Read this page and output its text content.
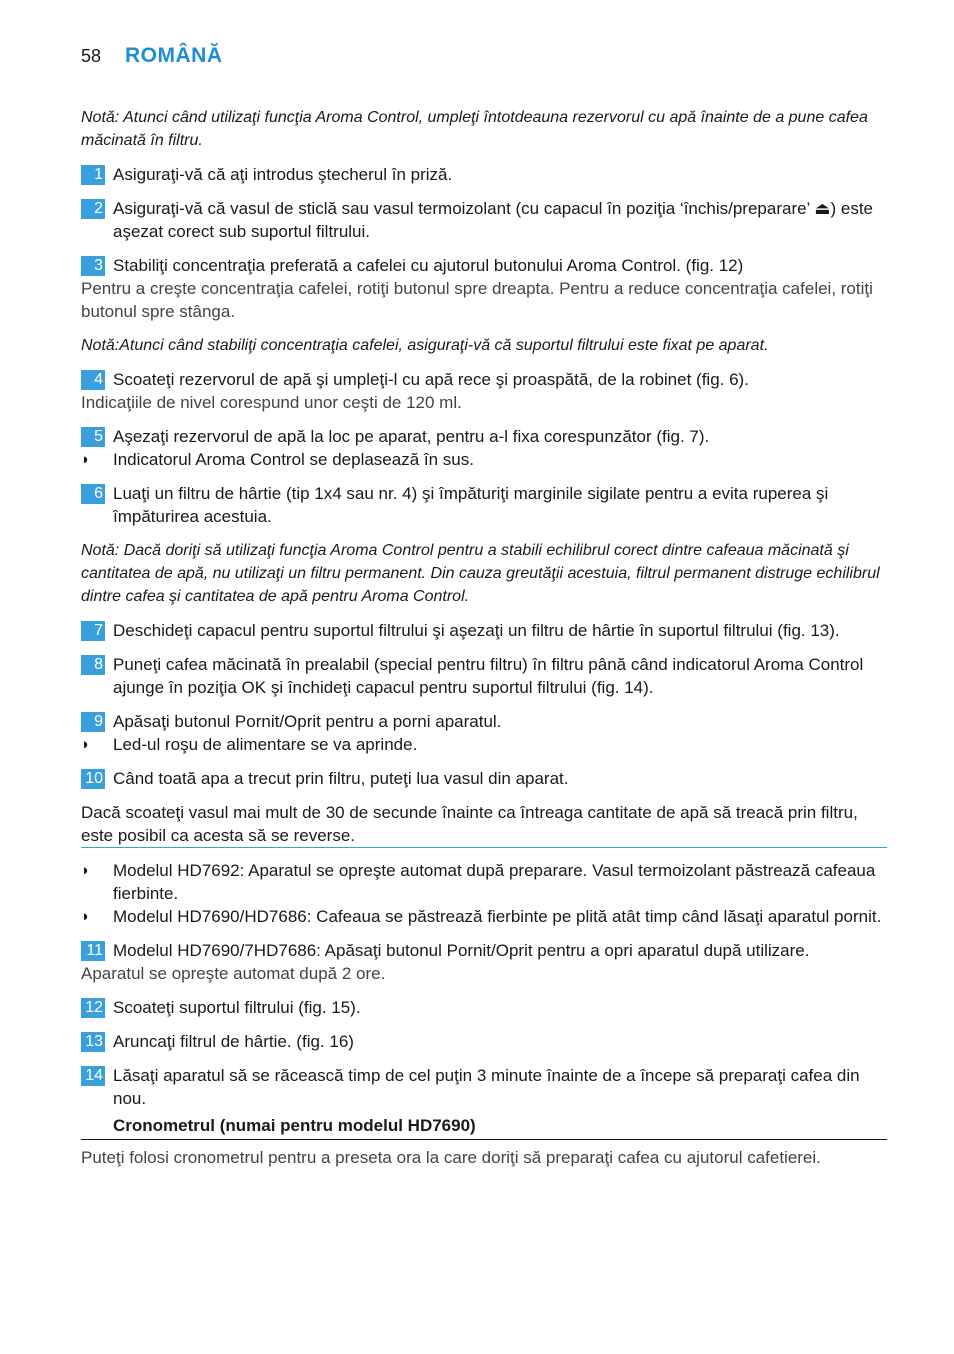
58	ROMÂNĂ

Notă: Atunci când utilizaţi funcţia Aroma Control, umpleţi întotdeauna rezervorul cu apă înainte de a pune cafea măcinată în filtru.

1 Asiguraţi-vă că aţi introdus ştecherul în priză.
2 Asiguraţi-vă că vasul de sticlă sau vasul termoizolant (cu capacul în poziţia ‘închis/preparare’ ⏏) este aşezat corect sub suportul filtrului.
3 Stabiliţi concentraţia preferată a cafelei cu ajutorul butonului Aroma Control. (fig. 12)
Pentru a creşte concentraţia cafelei, rotiţi butonul spre dreapta. Pentru a reduce concentraţia cafelei, rotiţi butonul spre stânga.

Notă:Atunci când stabiliţi concentraţia cafelei, asiguraţi-vă că suportul filtrului este fixat pe aparat.

4 Scoateţi rezervorul de apă şi umpleţi-l cu apă rece şi proaspătă, de la robinet (fig. 6).
Indicaţiile de nivel corespund unor ceşti de 120 ml.
5 Aşezaţi rezervorul de apă la loc pe aparat, pentru a-l fixa corespunzător (fig. 7).
◗ Indicatorul Aroma Control se deplasează în sus.
6 Luaţi un filtru de hârtie (tip 1x4 sau nr. 4) şi împăturiţi marginile sigilate pentru a evita ruperea şi împăturirea acestuia.

Notă: Dacă doriţi să utilizaţi funcţia Aroma Control pentru a stabili echilibrul corect dintre cafeaua măcinată şi cantitatea de apă, nu utilizaţi un filtru permanent. Din cauza greutăţii acestuia, filtrul permanent distruge echilibrul dintre cafea şi cantitatea de apă pentru Aroma Control.

7 Deschideţi capacul pentru suportul filtrului şi aşezaţi un filtru de hârtie în suportul filtrului (fig. 13).
8 Puneţi cafea măcinată în prealabil (special pentru filtru) în filtru până când indicatorul Aroma Control ajunge în poziţia OK şi închideţi capacul pentru suportul filtrului (fig. 14).
9 Apăsaţi butonul Pornit/Oprit pentru a porni aparatul.
◗ Led-ul roşu de alimentare se va aprinde.
10 Când toată apa a trecut prin filtru, puteţi lua vasul din aparat.

Dacă scoateţi vasul mai mult de 30 de secunde înainte ca întreaga cantitate de apă să treacă prin filtru, este posibil ca acesta să se reverse.

◗ Modelul HD7692: Aparatul se opreşte automat după preparare. Vasul termoizolant păstrează cafeaua fierbinte.
◗ Modelul HD7690/HD7686: Cafeaua se păstrează fierbinte pe plită atât timp când lăsaţi aparatul pornit.
11 Modelul HD7690/7HD7686: Apăsaţi butonul Pornit/Oprit pentru a opri aparatul după utilizare.
Aparatul se opreşte automat după 2 ore.
12 Scoateţi suportul filtrului (fig. 15).
13 Aruncaţi filtrul de hârtie. (fig. 16)
14 Lăsaţi aparatul să se răcească timp de cel puţin 3 minute înainte de a începe să preparaţi cafea din nou.
Cronometrul (numai pentru modelul HD7690)
Puteţi folosi cronometrul pentru a preseta ora la care doriţi să preparaţi cafea cu ajutorul cafetierei.
